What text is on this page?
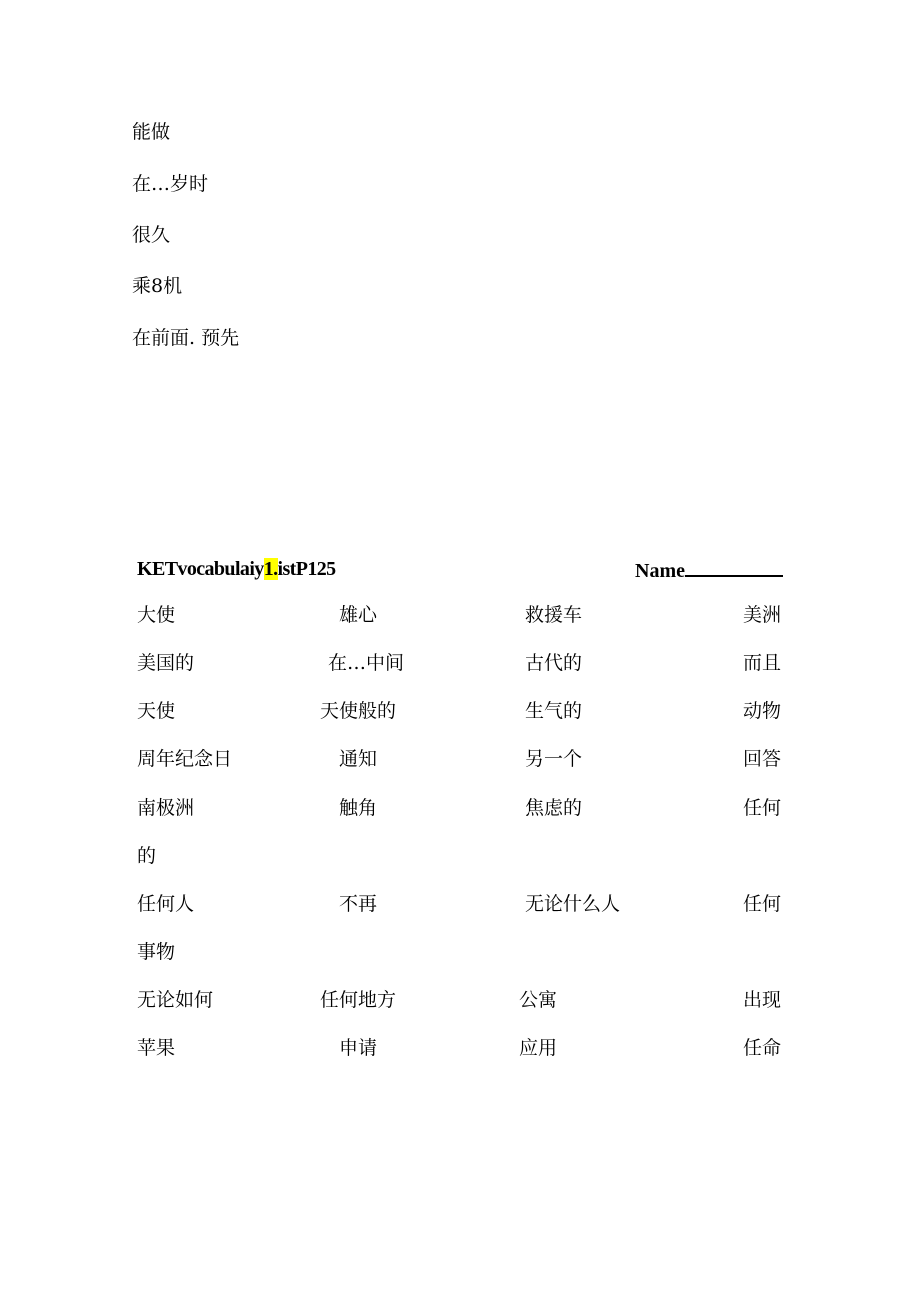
能做
在…岁时
很久
乘8机
在前面. 预先
KETvocabulaiy1.istP125	Name
大使	雄心	救援车	美洲
美国的	在…中间	古代的	而且
天使	天使般的	生气的	动物
周年纪念日	通知	另一个	回答
南极洲	触角	焦虑的	任何
的
任何人	不再	无论什么人	任何
事物
无论如何	任何地方	公寓	出现
苹果	申请	应用	任命
